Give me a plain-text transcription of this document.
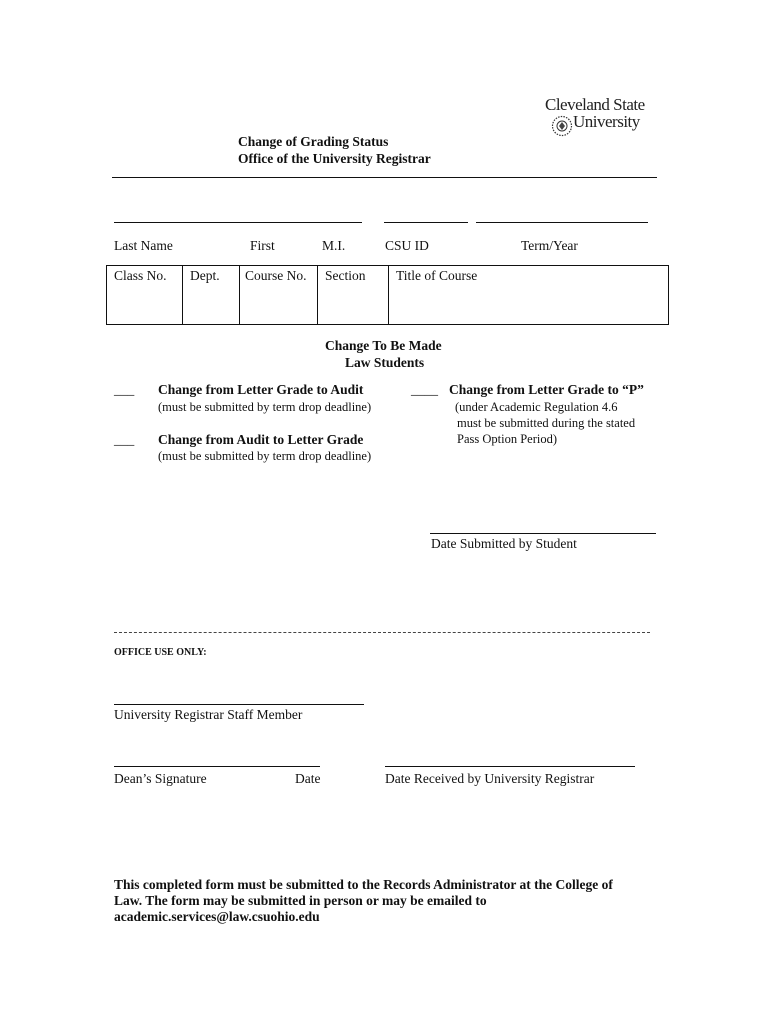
Cleveland State
University
Change of Grading Status
Office of the University Registrar
Last Name	First	M.I.	CSU ID	Term/Year
Class No. Dept. Course No. Section Title of Course
Change To Be Made
Law Students
___ Change from Letter Grade to Audit
(must be submitted by term drop deadline)
___ Change from Audit to Letter Grade
(must be submitted by term drop deadline)
____ Change from Letter Grade to “P”
(under Academic Regulation 4.6
must be submitted during the stated
Pass Option Period)
Date Submitted by Student
OFFICE USE ONLY:
University Registrar Staff Member
Dean’s Signature	Date	Date Received by University Registrar
This completed form must be submitted to the Records Administrator at the College of
Law. The form may be submitted in person or may be emailed to
academic.services@law.csuohio.edu
